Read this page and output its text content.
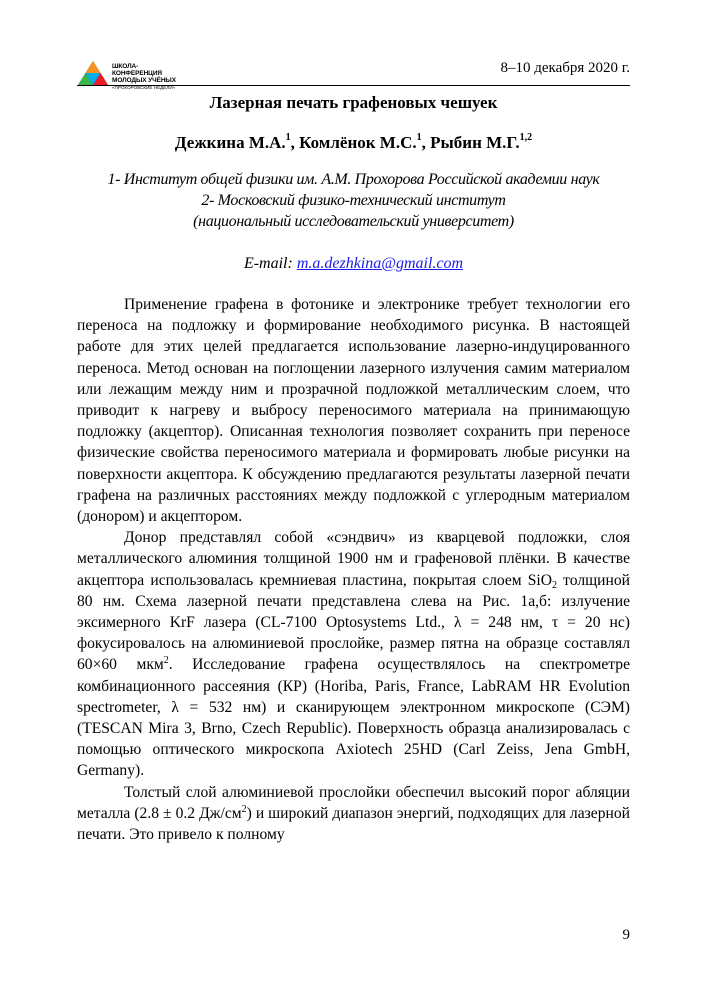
ШКОЛА-КОНФЕРЕНЦИЯ
МОЛОДЫХ УЧЁНЫХ
«ПРОХОРОВСКИЕ НЕДЕЛИ»
8–10 декабря 2020 г.
Лазерная печать графеновых чешуек
Дежкина М.А.$^1$, Комлёнок М.С.$^1$, Рыбин М.Г.$^{1,2}$
1- Институт общей физики им. А.М. Прохорова Российской академии наук
2- Московский физико-технический институт
(национальный исследовательский университет)
E-mail: m.a.dezhkina@gmail.com

Применение графена в фотонике и электронике требует технологии его переноса на подложку и формирование необходимого рисунка. В настоящей работе для этих целей предлагается использование лазерно-индуцированного переноса. Метод основан на поглощении лазерного излучения самим материалом или лежащим между ним и прозрачной подложкой металлическим слоем, что приводит к нагреву и выбросу переносимого материала на принимающую подложку (акцептор). Описанная технология позволяет сохранить при переносе физические свойства переносимого материала и формировать любые рисунки на поверхности акцептора. К обсуждению предлагаются результаты лазерной печати графена на различных расстояниях между подложкой с углеродным материалом (донором) и акцептором.

Донор представлял собой «сэндвич» из кварцевой подложки, слоя металлического алюминия толщиной 1900 нм и графеновой плёнки. В качестве акцептора использовалась кремниевая пластина, покрытая слоем SiO$_2$ толщиной 80 нм. Схема лазерной печати представлена слева на Рис. 1а,б: излучение эксимерного KrF лазера (CL-7100 Optosystems Ltd., λ = 248 нм, τ = 20 нс) фокусировалось на алюминиевой прослойке, размер пятна на образце составлял 60×60 мкм$^2$. Исследование графена осуществлялось на спектрометре комбинационного рассеяния (КР) (Horiba, Paris, France, LabRAM HR Evolution spectrometer, λ = 532 нм) и сканирующем электронном микроскопе (СЭМ) (TESCAN Mira 3, Brno, Czech Republic). Поверхность образца анализировалась с помощью оптического микроскопа Axiotech 25HD (Carl Zeiss, Jena GmbH, Germany).

Толстый слой алюминиевой прослойки обеспечил высокий порог абляции металла (2.8 ± 0.2 $Дж/см^2$) и широкий диапазон энергий, подходящих для лазерной печати. Это привело к полному

9
